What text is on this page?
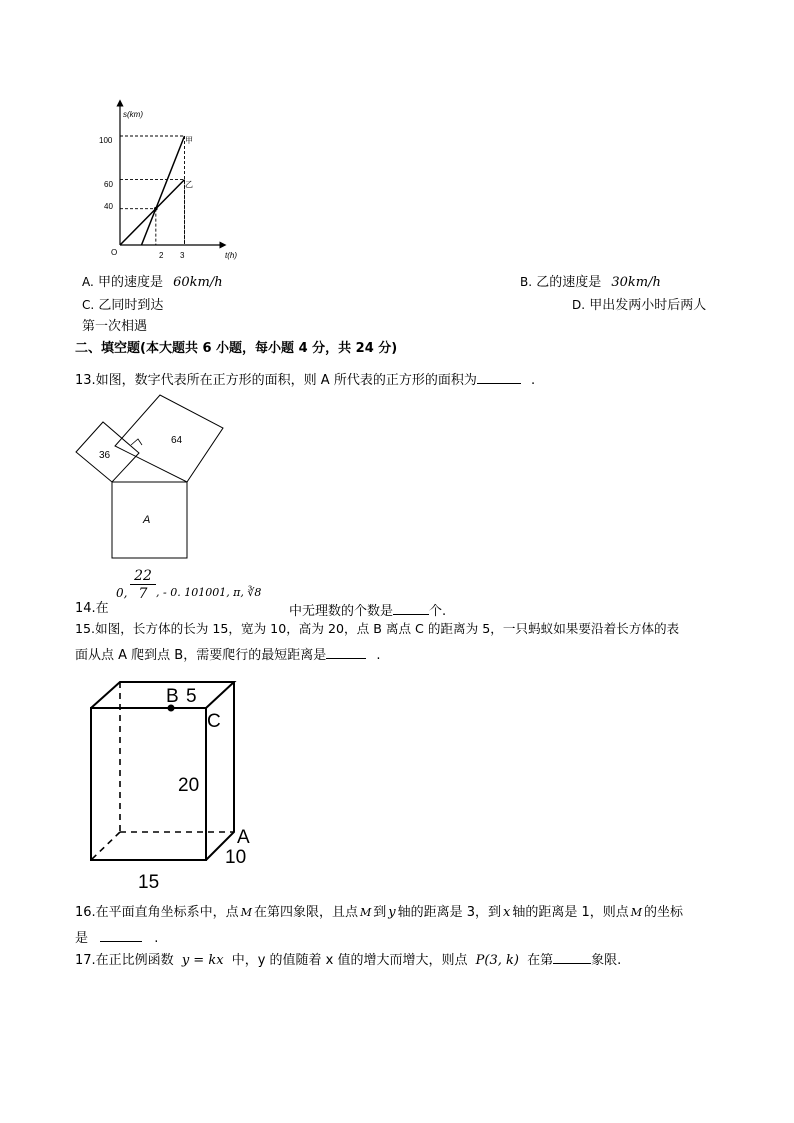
s(km)
t(h)
O
100
60
40
2 3
甲
乙
A. 甲的速度是 60km/h	B. 乙的速度是 30km/h
C. 乙同时到达	D. 甲出发两小时后两人
第一次相遇
二、填空题(本大题共 6 小题，每小题 4 分，共 24 分)
13.如图，数字代表所在正方形的面积，则 A 所代表的正方形的面积为	.
36
64
A
14.在
0, $\frac{22}{7}$ , - 0. 101001, π, ∛8
中无理数的个数是	个.
15.如图，长方体的长为 15，宽为 10，高为 20，点 B 离点 C 的距离为 5，一只蚂蚁如果要沿着长方体的表
面从点 A 爬到点 B，需要爬行的最短距离是	.
B 5
C
20
A
10
15
16.在平面直角坐标系中，点 M 在第四象限，且点 M 到 y 轴的距离是 3，到 x 轴的距离是 1，则点 M 的坐标
是	.
17.在正比例函数 y = kx 中，y 的值随着 x 值的增大而增大，则点 P(3, k) 在第	象限.
